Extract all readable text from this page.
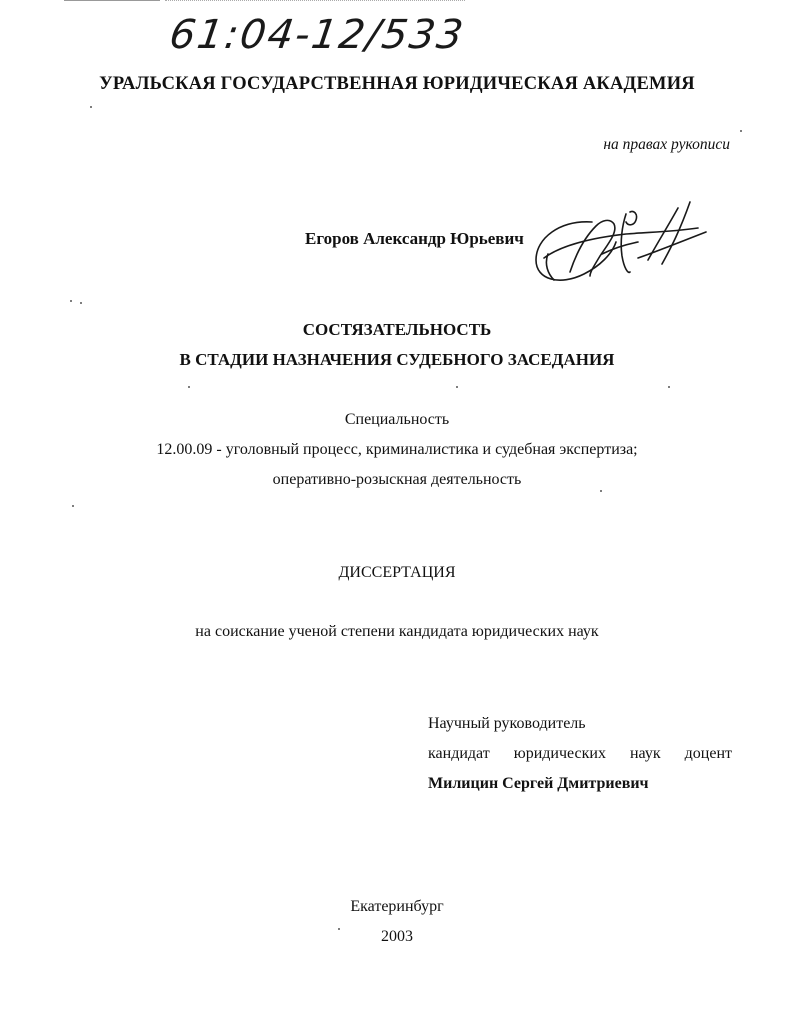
61:04-12/533
УРАЛЬСКАЯ ГОСУДАРСТВЕННАЯ ЮРИДИЧЕСКАЯ АКАДЕМИЯ
на правах рукописи
Егоров Александр Юрьевич
СОСТЯЗАТЕЛЬНОСТЬ
В СТАДИИ НАЗНАЧЕНИЯ СУДЕБНОГО ЗАСЕДАНИЯ
Специальность
12.00.09 - уголовный процесс, криминалистика и судебная экспертиза;
оперативно-розыскная деятельность
ДИССЕРТАЦИЯ
на соискание ученой степени кандидата юридических наук
Научный руководитель
кандидат юридических наук доцент
Милицин Сергей Дмитриевич
Екатеринбург
2003
